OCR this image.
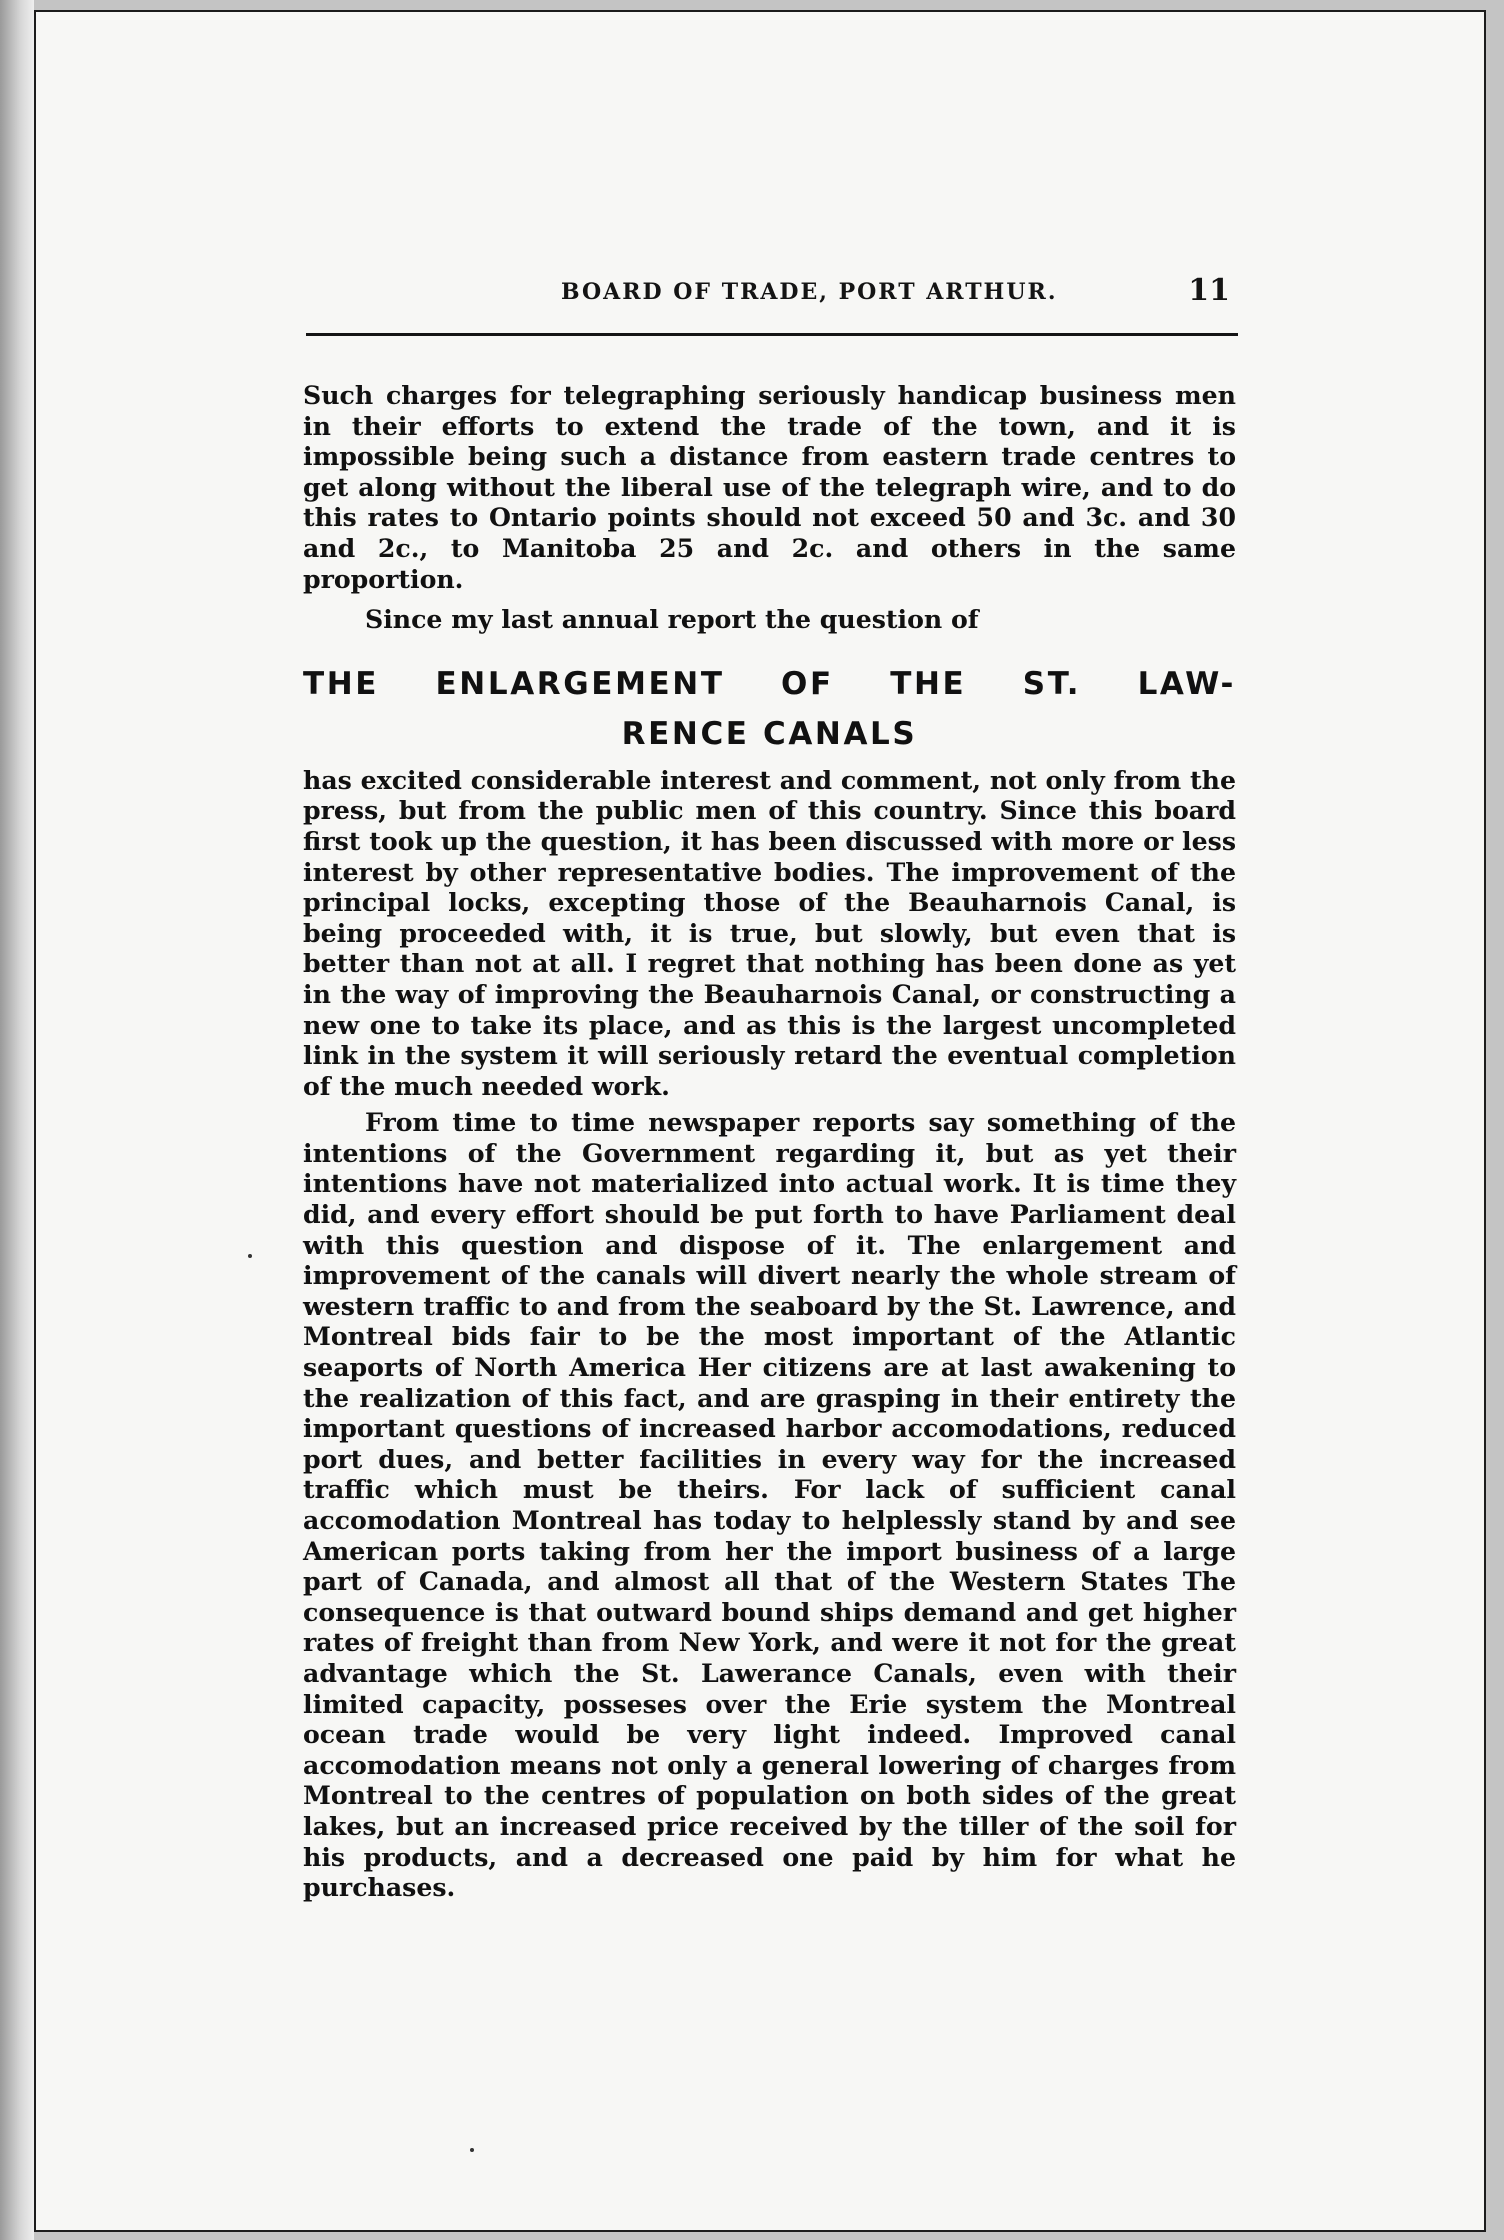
BOARD OF TRADE, PORT ARTHUR.	11

Such charges for telegraphing seriously handicap business men in their efforts to extend the trade of the town, and it is impossible being such a distance from eastern trade centres to get along without the liberal use of the telegraph wire, and to do this rates to Ontario points should not exceed 50 and 3c. and 30 and 2c., to Manitoba 25 and 2c. and others in the same proportion.

Since my last annual report the question of

THE ENLARGEMENT OF THE ST. LAW-
RENCE CANALS

has excited considerable interest and comment, not only from the press, but from the public men of this country. Since this board first took up the question, it has been discussed with more or less interest by other representative bodies. The improvement of the principal locks, excepting those of the Beauharnois Canal, is being proceeded with, it is true, but slowly, but even that is better than not at all. I regret that nothing has been done as yet in the way of improving the Beauharnois Canal, or constructing a new one to take its place, and as this is the largest uncompleted link in the system it will seriously retard the eventual completion of the much needed work.

From time to time newspaper reports say something of the intentions of the Government regarding it, but as yet their intentions have not materialized into actual work. It is time they did, and every effort should be put forth to have Parliament deal with this question and dispose of it. The enlargement and improvement of the canals will divert nearly the whole stream of western traffic to and from the seaboard by the St. Lawrence, and Montreal bids fair to be the most important of the Atlantic seaports of North America Her citizens are at last awakening to the realization of this fact, and are grasping in their entirety the important questions of increased harbor accomodations, reduced port dues, and better facilities in every way for the increased traffic which must be theirs. For lack of sufficient canal accomodation Montreal has today to helplessly stand by and see American ports taking from her the import business of a large part of Canada, and almost all that of the Western States The consequence is that outward bound ships demand and get higher rates of freight than from New York, and were it not for the great advantage which the St. Lawerance Canals, even with their limited capacity, posseses over the Erie system the Montreal ocean trade would be very light indeed. Improved canal accomodation means not only a general lowering of charges from Montreal to the centres of population on both sides of the great lakes, but an increased price received by the tiller of the soil for his products, and a decreased one paid by him for what he purchases.
